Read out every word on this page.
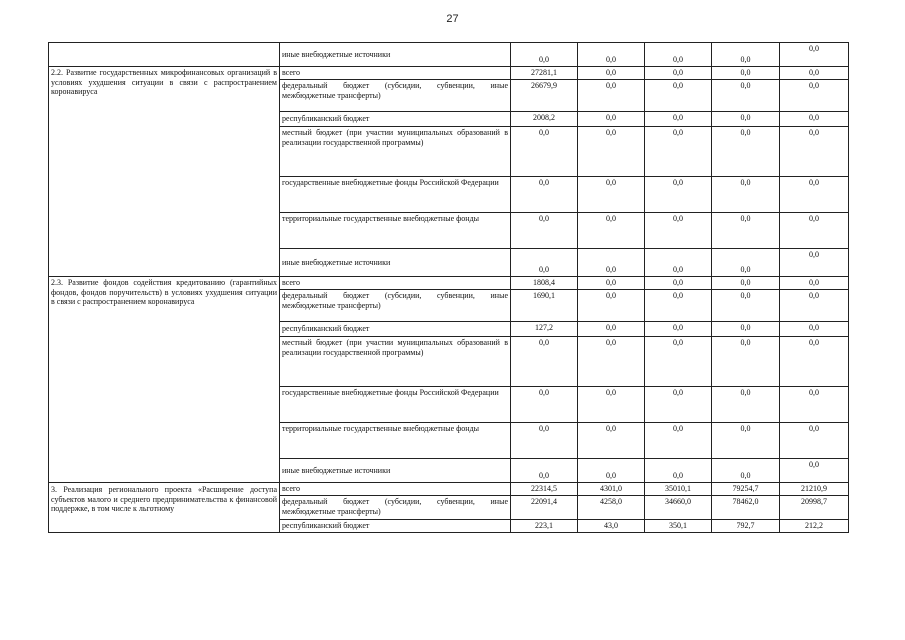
27
	иные внебюджетные источники	0,0	0,0	0,0	0,0	0,0

2.2. Развитие государственных микрофинансовых организаций в условиях ухудшения ситуации в связи с распространением коронавируса	всего	27281,1	0,0	0,0	0,0	0,0
	федеральный бюджет (субсидии, субвенции, иные межбюджетные трансферты)	26679,9	0,0	0,0	0,0	0,0
	республиканский бюджет	2008,2	0,0	0,0	0,0	0,0
	местный бюджет (при участии муниципальных образований в реализации государственной программы)	0,0	0,0	0,0	0,0	0,0
	государственные внебюджетные фонды Российской Федерации	0,0	0,0	0,0	0,0	0,0
	территориальные государственные внебюджетные фонды	0,0	0,0	0,0	0,0	0,0
	иные внебюджетные источники	0,0	0,0	0,0	0,0	0,0

2.3. Развитие фондов содействия кредитованию (гарантийных фондов, фондов поручительств) в условиях ухудшения ситуации в связи с распространением коронавируса	всего	1808,4	0,0	0,0	0,0	0,0
	федеральный бюджет (субсидии, субвенции, иные межбюджетные трансферты)	1690,1	0,0	0,0	0,0	0,0
	республиканский бюджет	127,2	0,0	0,0	0,0	0,0
	местный бюджет (при участии муниципальных образований в реализации государственной программы)	0,0	0,0	0,0	0,0	0,0
	государственные внебюджетные фонды Российской Федерации	0,0	0,0	0,0	0,0	0,0
	территориальные государственные внебюджетные фонды	0,0	0,0	0,0	0,0	0,0
	иные внебюджетные источники	0,0	0,0	0,0	0,0	0,0

3. Реализация регионального проекта «Расширение доступа субъектов малого и среднего предпринимательства к финансовой поддержке, в том числе к льготному	всего	22314,5	4301,0	35010,1	79254,7	21210,9
	федеральный бюджет (субсидии, субвенции, иные межбюджетные трансферты)	22091,4	4258,0	34660,0	78462,0	20998,7
	республиканский бюджет	223,1	43,0	350,1	792,7	212,2
